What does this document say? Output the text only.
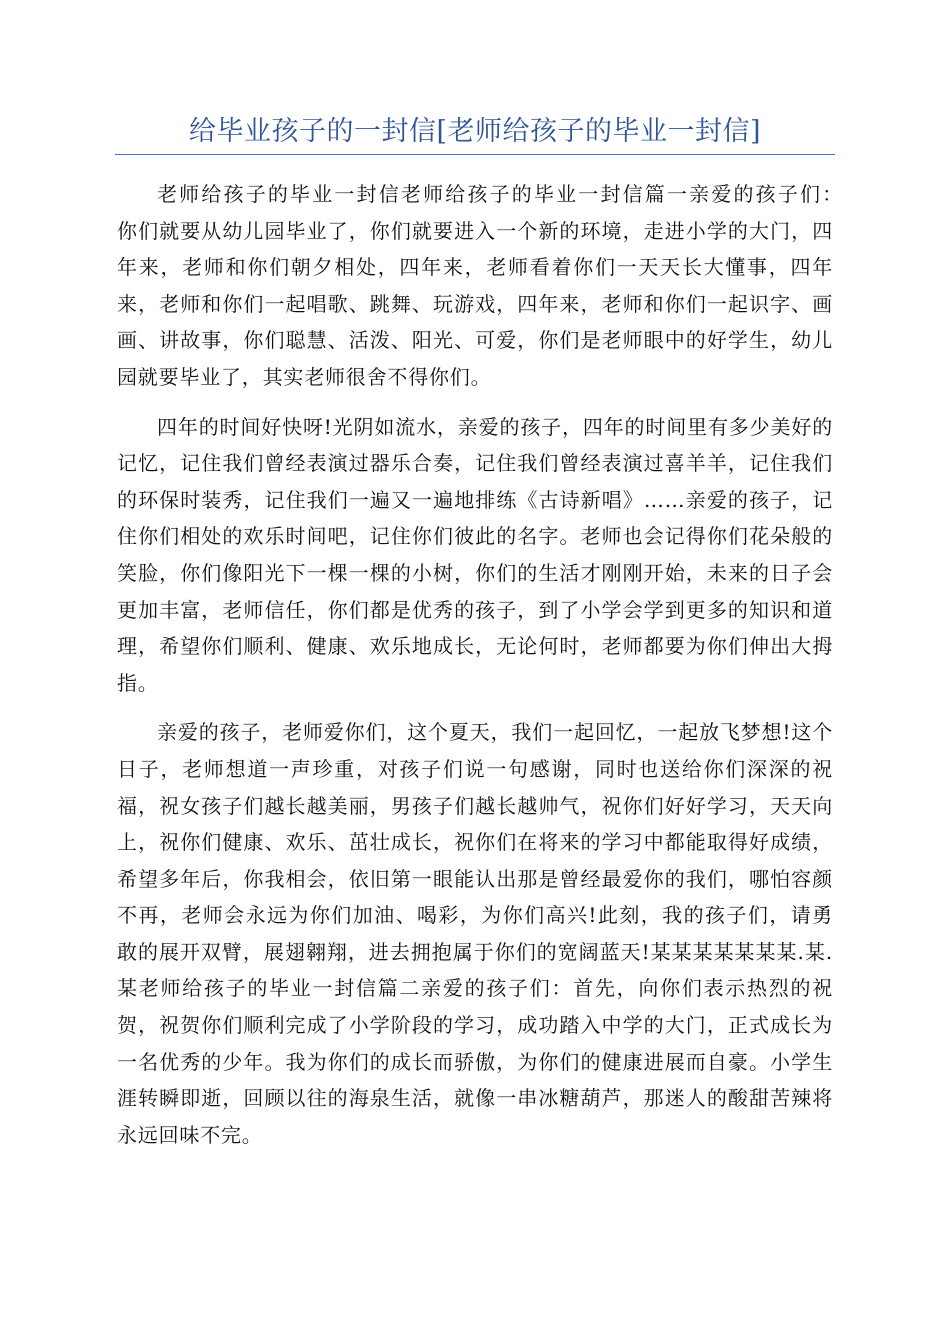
给毕业孩子的一封信[老师给孩子的毕业一封信]

老师给孩子的毕业一封信老师给孩子的毕业一封信篇一亲爱的孩子们：　你们就要从幼儿园毕业了，你们就要进入一个新的环境，走进小学的大门，四年来，老师和你们朝夕相处，四年来，老师看着你们一天天长大懂事，四年来，老师和你们一起唱歌、跳舞、玩游戏，四年来，老师和你们一起识字、画画、讲故事，你们聪慧、活泼、阳光、可爱，你们是老师眼中的好学生，幼儿园就要毕业了，其实老师很舍不得你们。

四年的时间好快呀!光阴如流水，亲爱的孩子，四年的时间里有多少美好的记忆，记住我们曾经表演过器乐合奏，记住我们曾经表演过喜羊羊，记住我们的环保时装秀，记住我们一遍又一遍地排练《古诗新唱》……亲爱的孩子，记住你们相处的欢乐时间吧，记住你们彼此的名字。老师也会记得你们花朵般的笑脸，你们像阳光下一棵一棵的小树，你们的生活才刚刚开始，未来的日子会更加丰富，老师信任，你们都是优秀的孩子，到了小学会学到更多的知识和道理，希望你们顺利、健康、欢乐地成长，无论何时，老师都要为你们伸出大拇指。

亲爱的孩子，老师爱你们，这个夏天，我们一起回忆，一起放飞梦想!这个日子，老师想道一声珍重，对孩子们说一句感谢，同时也送给你们深深的祝福，祝女孩子们越长越美丽，男孩子们越长越帅气，祝你们好好学习，天天向上，祝你们健康、欢乐、茁壮成长，祝你们在将来的学习中都能取得好成绩，希望多年后，你我相会，依旧第一眼能认出那是曾经最爱你的我们，哪怕容颜不再，老师会永远为你们加油、喝彩，为你们高兴!此刻，我的孩子们，请勇敢的展开双臂，展翅翱翔，进去拥抱属于你们的宽阔蓝天!某某某某某某某.某.某老师给孩子的毕业一封信篇二亲爱的孩子们：首先，向你们表示热烈的祝贺，祝贺你们顺利完成了小学阶段的学习，成功踏入中学的大门，正式成长为一名优秀的少年。我为你们的成长而骄傲，为你们的健康进展而自豪。小学生涯转瞬即逝，回顾以往的海泉生活，就像一串冰糖葫芦，那迷人的酸甜苦辣将永远回味不完。
